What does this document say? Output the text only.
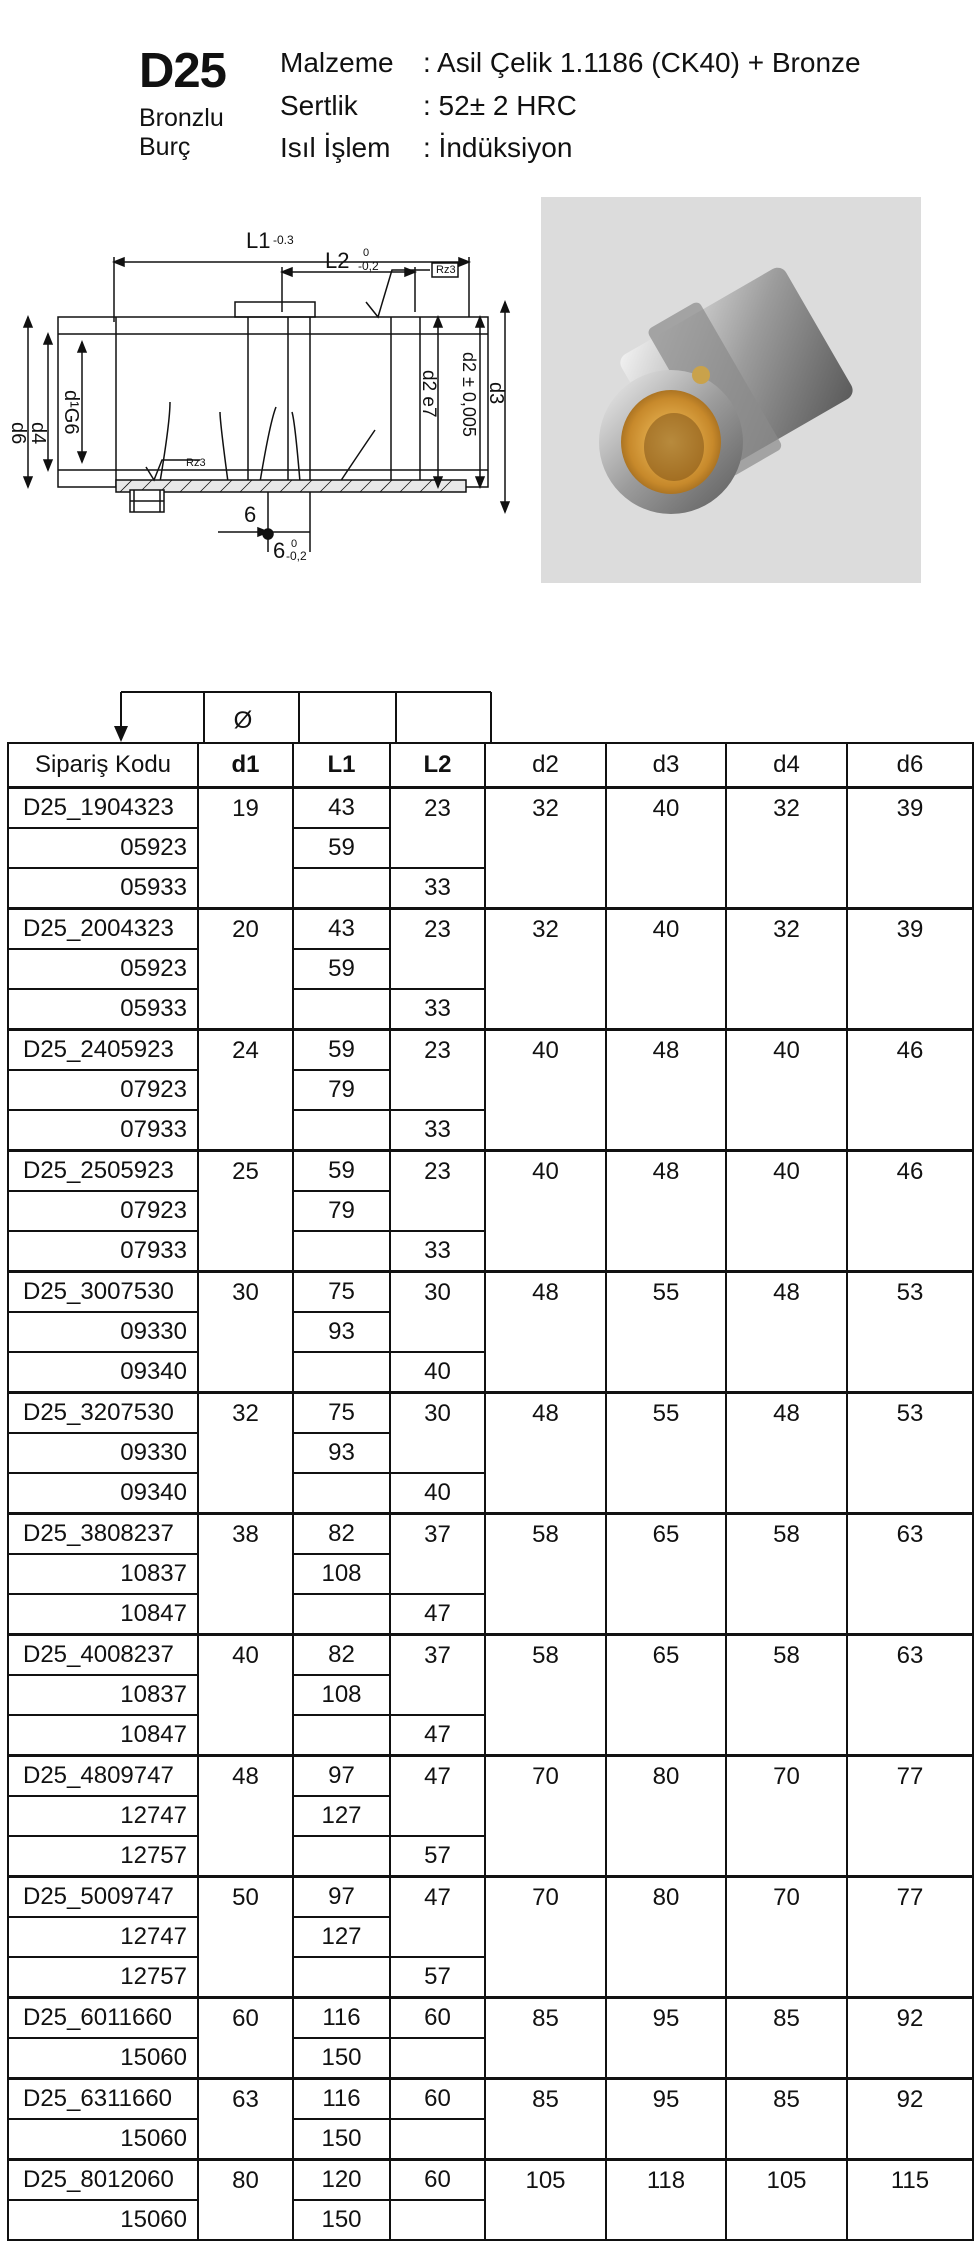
D25
Bronzlu
Burç
Malzeme : Asil Çelik 1.1186 (CK40) + Bronze
Sertlik : 52± 2 HRC
Isıl İşlem : İndüksiyon
L1 -0.3
L2 0
-0,2	Rz3
Rz3
d6
d4 d¹G6	d2 e7 d2 ± 0,005 d3
6
6 0
-0,2
Ø
Sipariş Kodu	d1	L1	L2	d2	d3	d4	d6
D25_1904323	19	43	23	32	40	32	39
05923		59					
05933			33				
D25_2004323	20	43	23	32	40	32	39
05923		59					
05933			33				
D25_2405923	24	59	23	40	48	40	46
07923		79					
07933			33				
D25_2505923	25	59	23	40	48	40	46
07923		79					
07933			33				
D25_3007530	30	75	30	48	55	48	53
09330		93					
09340			40				
D25_3207530	32	75	30	48	55	48	53
09330		93					
09340			40				
D25_3808237	38	82	37	58	65	58	63
10837		108					
10847			47				
D25_4008237	40	82	37	58	65	58	63
10837		108					
10847			47				
D25_4809747	48	97	47	70	80	70	77
12747		127					
12757			57				
D25_5009747	50	97	47	70	80	70	77
12747		127					
12757			57				
D25_6011660	60	116	60	85	95	85	92
15060		150					
D25_6311660	63	116	60	85	95	85	92
15060		150					
D25_8012060	80	120	60	105	118	105	115
15060		150					
